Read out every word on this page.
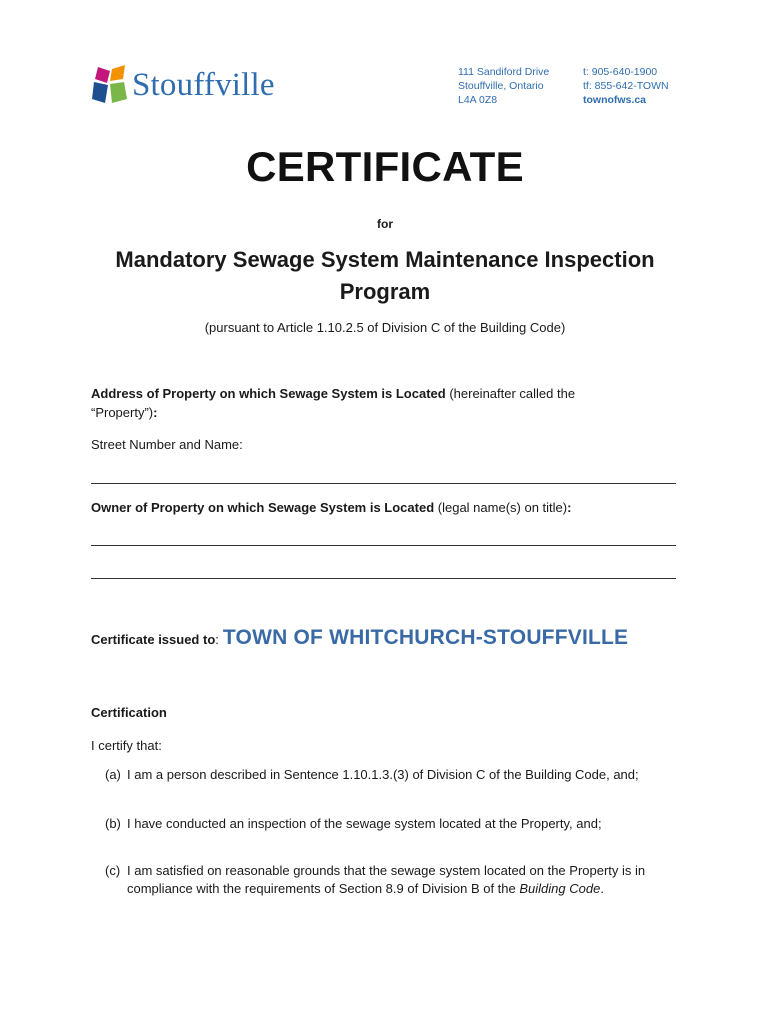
Stouffville	111 Sandiford Drive
Stouffville, Ontario
L4A 0Z8
t: 905-640-1900
tf: 855-642-TOWN
townofws.ca
CERTIFICATE
for
Mandatory Sewage System Maintenance Inspection Program
(pursuant to Article 1.10.2.5 of Division C of the Building Code)
Address of Property on which Sewage System is Located (hereinafter called the
“Property”):
Street Number and Name:
Owner of Property on which Sewage System is Located (legal name(s) on title):
Certificate issued to : TOWN OF WHITCHURCH-STOUFFVILLE
Certification
I certify that:
(a) I am a person described in Sentence 1.10.1.3.(3) of Division C of the Building Code, and;
(b) I have conducted an inspection of the sewage system located at the Property, and;
(c) I am satisfied on reasonable grounds that the sewage system located on the Property is in
compliance with the requirements of Section 8.9 of Division B of the Building Code.
